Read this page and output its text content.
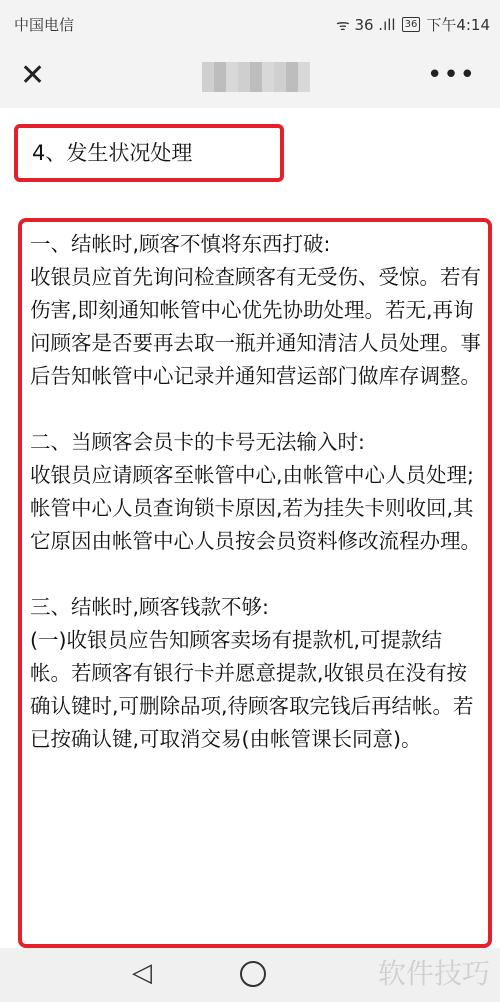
中国电信	ᯤ 36 .ıll 36 下午4:14
✕	•••
4、发生状况处理

一、结帐时,顾客不慎将东西打破:

收银员应首先询问检查顾客有无受伤、受惊。若有伤害,即刻通知帐管中心优先协助处理。若无,再询问顾客是否要再去取一瓶并通知清洁人员处理。事后告知帐管中心记录并通知营运部门做库存调整。

二、当顾客会员卡的卡号无法输入时:

收银员应请顾客至帐管中心,由帐管中心人员处理;帐管中心人员查询锁卡原因,若为挂失卡则收回,其它原因由帐管中心人员按会员资料修改流程办理。

三、结帐时,顾客钱款不够:

(一)收银员应告知顾客卖场有提款机,可提款结帐。若顾客有银行卡并愿意提款,收银员在没有按确认键时,可删除品项,待顾客取完钱后再结帐。若已按确认键,可取消交易(由帐管课长同意)。

◁	软件技巧
